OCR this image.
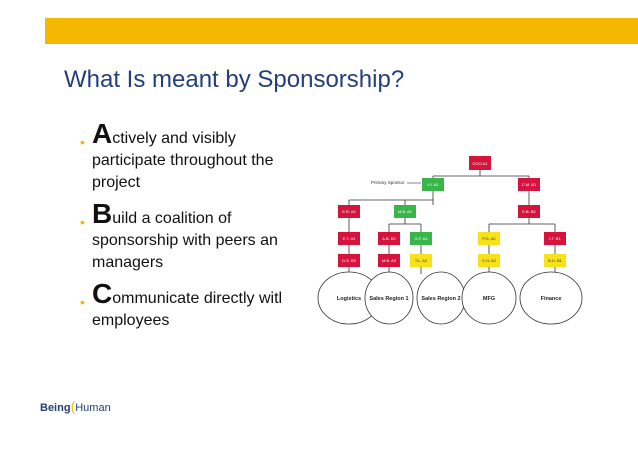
What Is meant by Sponsorship?
• Actively and visibly

participate throughout the

project

• Build a coalition of

sponsorship with peers an

managers

• Communicate directly witl

employees

Primary Sponsor
COO A1
V.I. A1	C.M. B1
E.R. A2	M.B. A1	E.B. B2
E.T. A3	A.B. B2	G.F. A1	P.G. A2	I.T. B1
D.S. B3	M.B. A3	T.L. A2	C.H. A2	B.U. B1
Logistics Sales Region 1 Sales Region 2	MFG	Finance
Being(Human
